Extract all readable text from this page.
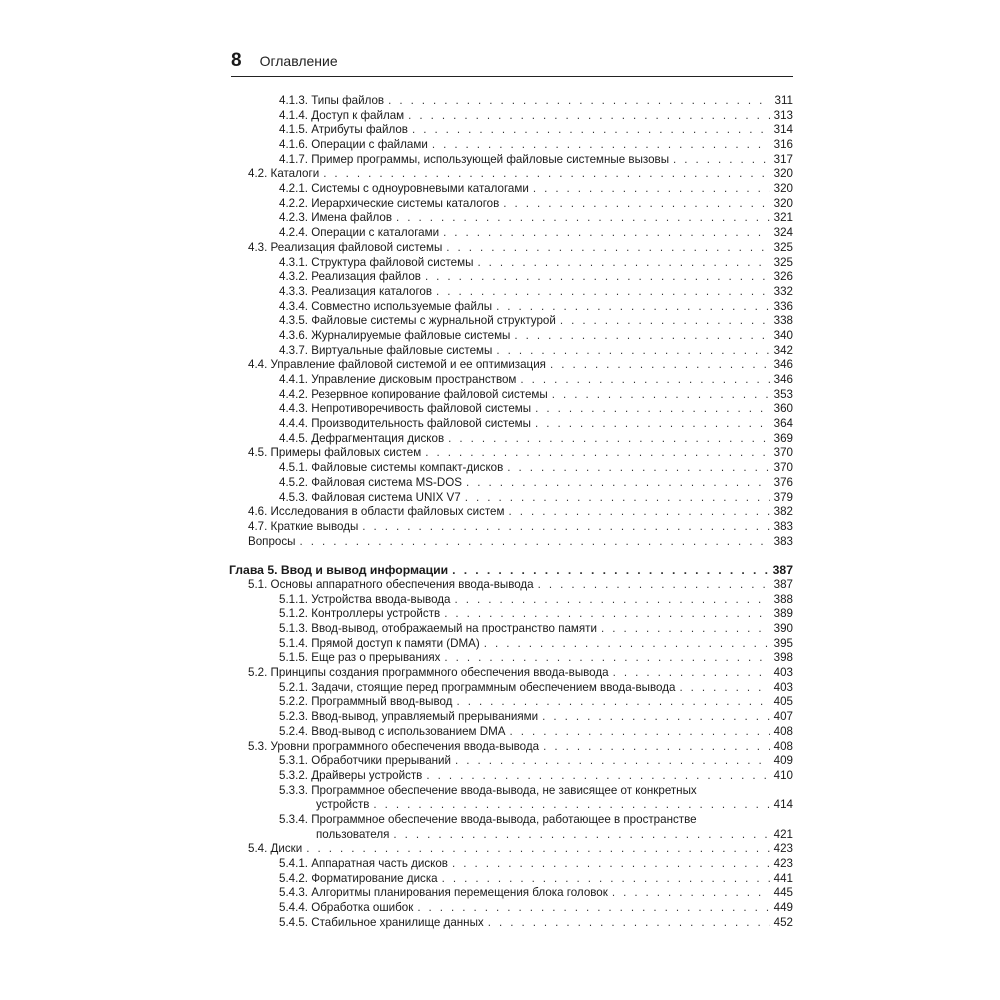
8 Оглавление
4.1.3. Типы файлов . . .	311
4.1.4. Доступ к файлам . . .	313
4.1.5. Атрибуты файлов . . .	314
4.1.6. Операции с файлами . . .	316
4.1.7. Пример программы, использующей файловые системные вызовы . . .	317
4.2. Каталоги . . .	320
4.2.1. Системы с одноуровневыми каталогами . . .	320
4.2.2. Иерархические системы каталогов . . .	320
4.2.3. Имена файлов . . .	321
4.2.4. Операции с каталогами . . .	324
4.3. Реализация файловой системы . . .	325
4.3.1. Структура файловой системы . . .	325
4.3.2. Реализация файлов . . .	326
4.3.3. Реализация каталогов . . .	332
4.3.4. Совместно используемые файлы . . .	336
4.3.5. Файловые системы с журнальной структурой . . .	338
4.3.6. Журналируемые файловые системы . . .	340
4.3.7. Виртуальные файловые системы . . .	342
4.4. Управление файловой системой и ее оптимизация . . .	346
4.4.1. Управление дисковым пространством . . .	346
4.4.2. Резервное копирование файловой системы . . .	353
4.4.3. Непротиворечивость файловой системы . . .	360
4.4.4. Производительность файловой системы . . .	364
4.4.5. Дефрагментация дисков . . .	369
4.5. Примеры файловых систем . . .	370
4.5.1. Файловые системы компакт-дисков . . .	370
4.5.2. Файловая система MS-DOS . . .	376
4.5.3. Файловая система UNIX V7 . . .	379
4.6. Исследования в области файловых систем . . .	382
4.7. Краткие выводы . . .	383
Вопросы . . .	383
Глава 5. Ввод и вывод информации . . .	387
5.1. Основы аппаратного обеспечения ввода-вывода . . .	387
5.1.1. Устройства ввода-вывода . . .	388
5.1.2. Контроллеры устройств . . .	389
5.1.3. Ввод-вывод, отображаемый на пространство памяти . . .	390
5.1.4. Прямой доступ к памяти (DMA) . . .	395
5.1.5. Еще раз о прерываниях . . .	398
5.2. Принципы создания программного обеспечения ввода-вывода . . .	403
5.2.1. Задачи, стоящие перед программным обеспечением ввода-вывода . . .	403
5.2.2. Программный ввод-вывод . . .	405
5.2.3. Ввод-вывод, управляемый прерываниями . . .	407
5.2.4. Ввод-вывод с использованием DMA . . .	408
5.3. Уровни программного обеспечения ввода-вывода . . .	408
5.3.1. Обработчики прерываний . . .	409
5.3.2. Драйверы устройств . . .	410
5.3.3. Программное обеспечение ввода-вывода, не зависящее от конкретных
устройств . . .	414
5.3.4. Программное обеспечение ввода-вывода, работающее в пространстве
пользователя . . .	421
5.4. Диски . . .	423
5.4.1. Аппаратная часть дисков . . .	423
5.4.2. Форматирование диска . . .	441
5.4.3. Алгоритмы планирования перемещения блока головок . . .	445
5.4.4. Обработка ошибок . . .	449
5.4.5. Стабильное хранилище данных . . .	452
